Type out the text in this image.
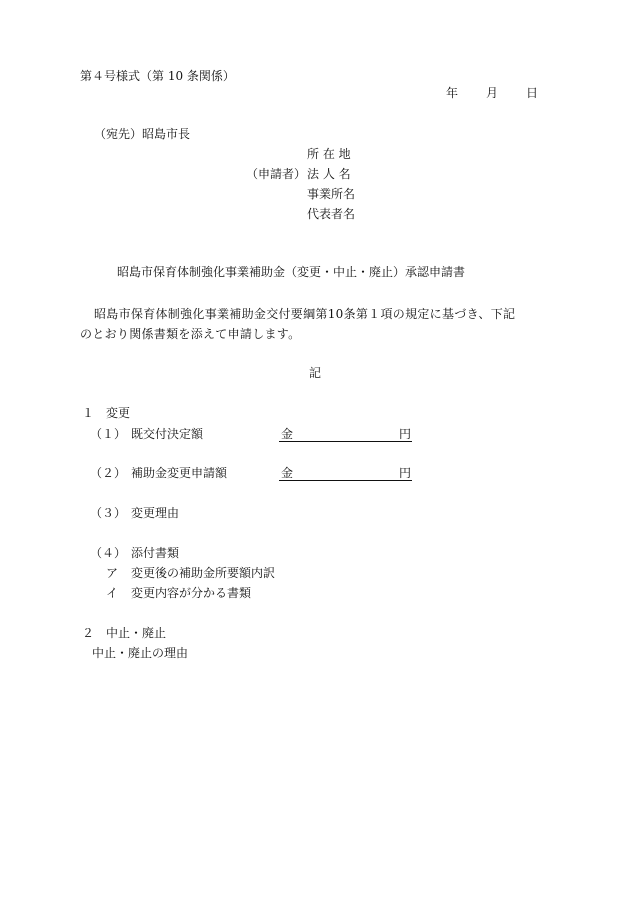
第４号様式（第 10 条関係）
年 月 日
（宛先）昭島市長
所 在 地
（申請者） 法 人 名
事業所名
代表者名
昭島市保育体制強化事業補助金（変更・中止・廃止）承認申請書
昭島市保育体制強化事業補助金交付要綱第10条第１項の規定に基づき、下記
のとおり関係書類を添えて申請します。
記
１ 変更
（１） 既交付決定額	金	円
（２） 補助金変更申請額	金	円
（３） 変更理由
（４） 添付書類
ア 変更後の補助金所要額内訳
イ 変更内容が分かる書類
２ 中止・廃止
中止・廃止の理由
